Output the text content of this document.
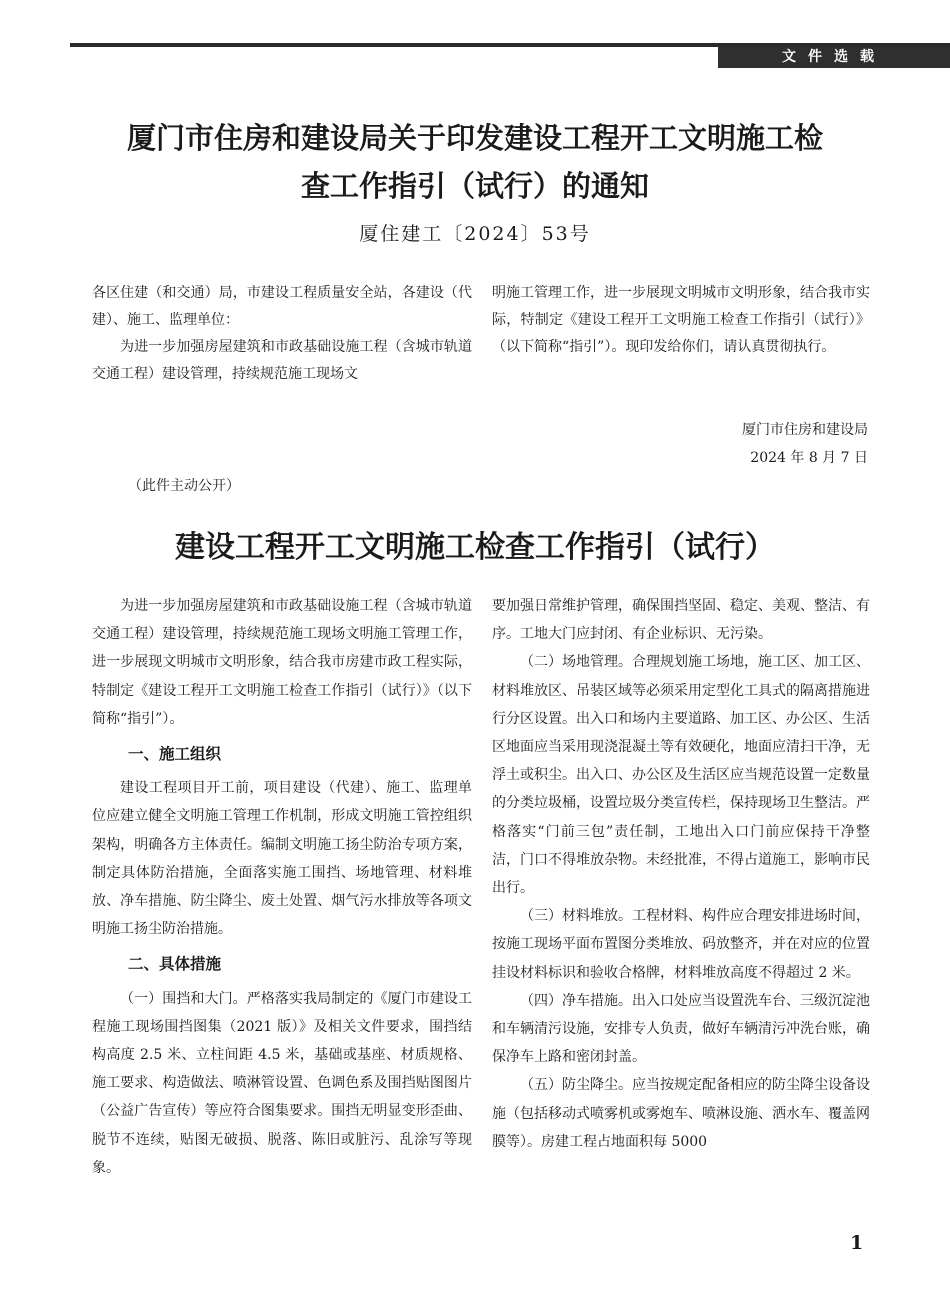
文件选载
厦门市住房和建设局关于印发建设工程开工文明施工检
查工作指引（试行）的通知
厦住建工〔2024〕53号

各区住建（和交通）局，市建设工程质量安全站，各建设（代建）、施工、监理单位：

为进一步加强房屋建筑和市政基础设施工程（含城市轨道交通工程）建设管理，持续规范施工现场文

明施工管理工作，进一步展现文明城市文明形象，结合我市实际，特制定《建设工程开工文明施工检查工作指引（试行）》（以下简称“指引”）。现印发给你们，请认真贯彻执行。

厦门市住房和建设局
2024 年 8 月 7 日
（此件主动公开）
建设工程开工文明施工检查工作指引（试行）

为进一步加强房屋建筑和市政基础设施工程（含城市轨道交通工程）建设管理，持续规范施工现场文明施工管理工作，进一步展现文明城市文明形象，结合我市房建市政工程实际，特制定《建设工程开工文明施工检查工作指引（试行）》（以下简称“指引”）。

一、施工组织

建设工程项目开工前，项目建设（代建）、施工、监理单位应建立健全文明施工管理工作机制，形成文明施工管控组织架构，明确各方主体责任。编制文明施工扬尘防治专项方案，制定具体防治措施，全面落实施工围挡、场地管理、材料堆放、净车措施、防尘降尘、废土处置、烟气污水排放等各项文明施工扬尘防治措施。

二、具体措施

（一）围挡和大门。严格落实我局制定的《厦门市建设工程施工现场围挡图集（2021 版）》及相关文件要求，围挡结构高度 2.5 米、立柱间距 4.5 米，基础或基座、材质规格、施工要求、构造做法、喷淋管设置、色调色系及围挡贴图图片（公益广告宣传）等应符合图集要求。围挡无明显变形歪曲、脱节不连续，贴图无破损、脱落、陈旧或脏污、乱涂写等现象。

要加强日常维护管理，确保围挡坚固、稳定、美观、整洁、有序。工地大门应封闭、有企业标识、无污染。

（二）场地管理。合理规划施工场地，施工区、加工区、材料堆放区、吊装区域等必须采用定型化工具式的隔离措施进行分区设置。出入口和场内主要道路、加工区、办公区、生活区地面应当采用现浇混凝土等有效硬化，地面应清扫干净，无浮土或积尘。出入口、办公区及生活区应当规范设置一定数量的分类垃圾桶，设置垃圾分类宣传栏，保持现场卫生整洁。严格落实“门前三包”责任制，工地出入口门前应保持干净整洁，门口不得堆放杂物。未经批准，不得占道施工，影响市民出行。

（三）材料堆放。工程材料、构件应合理安排进场时间，按施工现场平面布置图分类堆放、码放整齐，并在对应的位置挂设材料标识和验收合格牌，材料堆放高度不得超过 2 米。

（四）净车措施。出入口处应当设置洗车台、三级沉淀池和车辆清污设施，安排专人负责，做好车辆清污冲洗台账，确保净车上路和密闭封盖。

（五）防尘降尘。应当按规定配备相应的防尘降尘设备设施（包括移动式喷雾机或雾炮车、喷淋设施、洒水车、覆盖网膜等）。房建工程占地面积每 5000

1
